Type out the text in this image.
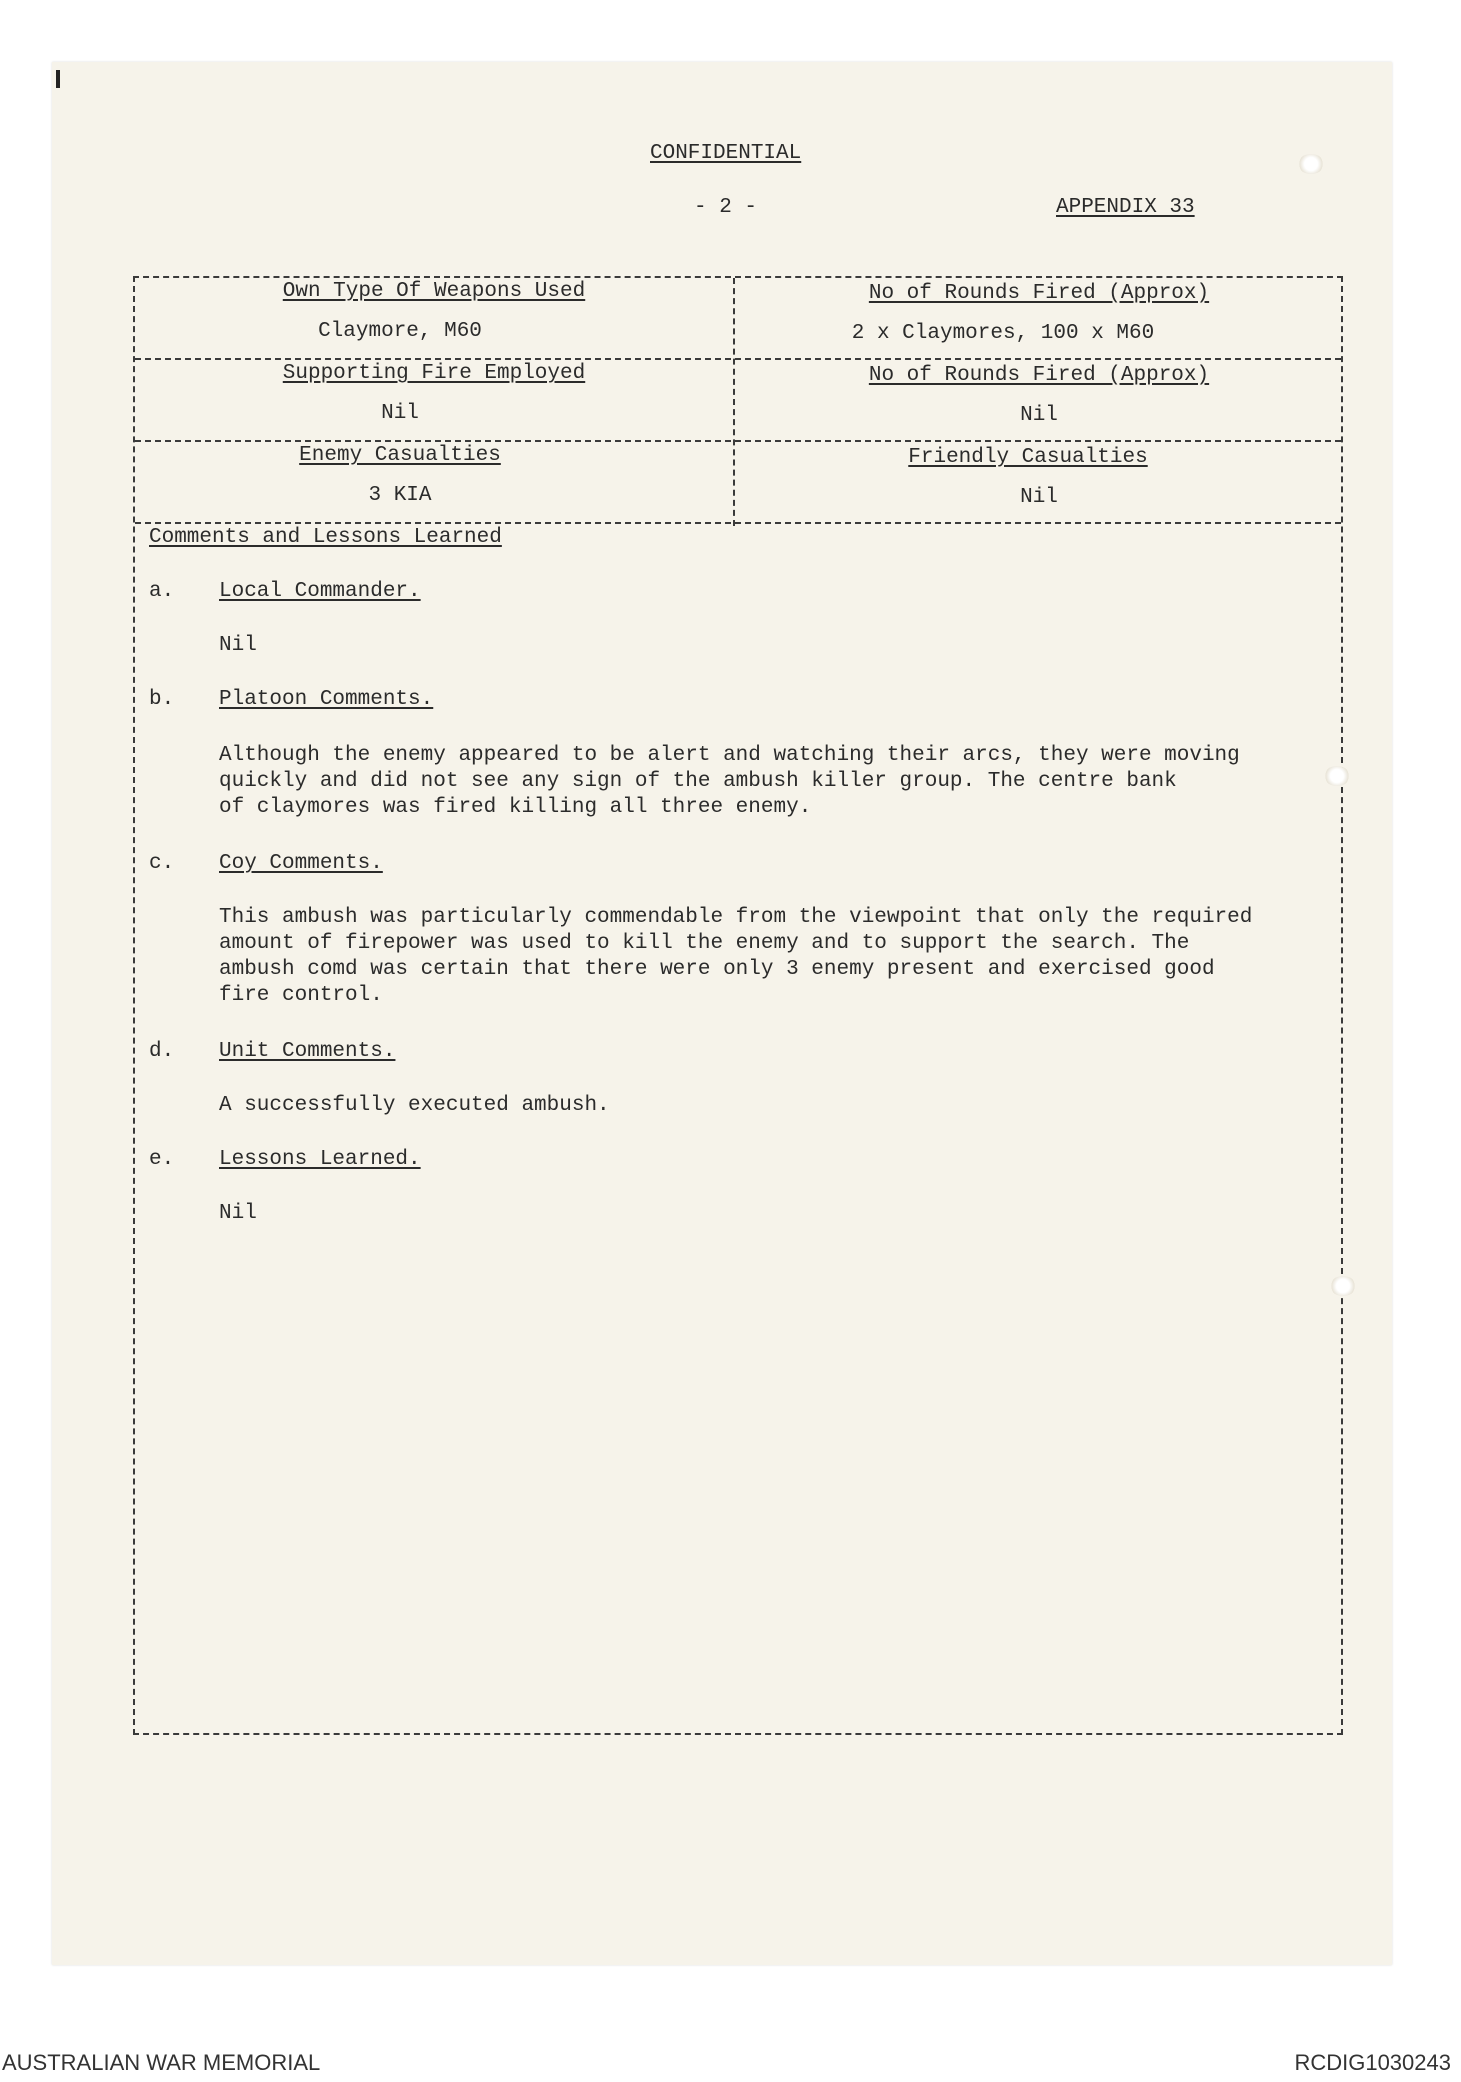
CONFIDENTIAL
- 2 -	APPENDIX 33
Own Type Of Weapons Used
Claymore, M60
No of Rounds Fired (Approx)
2 x Claymores, 100 x M60
Supporting Fire Employed
Nil
No of Rounds Fired (Approx)
Nil
Enemy Casualties
3 KIA
Friendly Casualties
Nil
Comments and Lessons Learned
a. Local Commander.
Nil
b. Platoon Comments.
Although the enemy appeared to be alert and watching their arcs, they were moving
quickly and did not see any sign of the ambush killer group. The centre bank
of claymores was fired killing all three enemy.
c. Coy Comments.
This ambush was particularly commendable from the viewpoint that only the required
amount of firepower was used to kill the enemy and to support the search. The
ambush comd was certain that there were only 3 enemy present and exercised good
fire control.
d. Unit Comments.
A successfully executed ambush.
e. Lessons Learned.
Nil
AUSTRALIAN WAR MEMORIAL	RCDIG1030243
